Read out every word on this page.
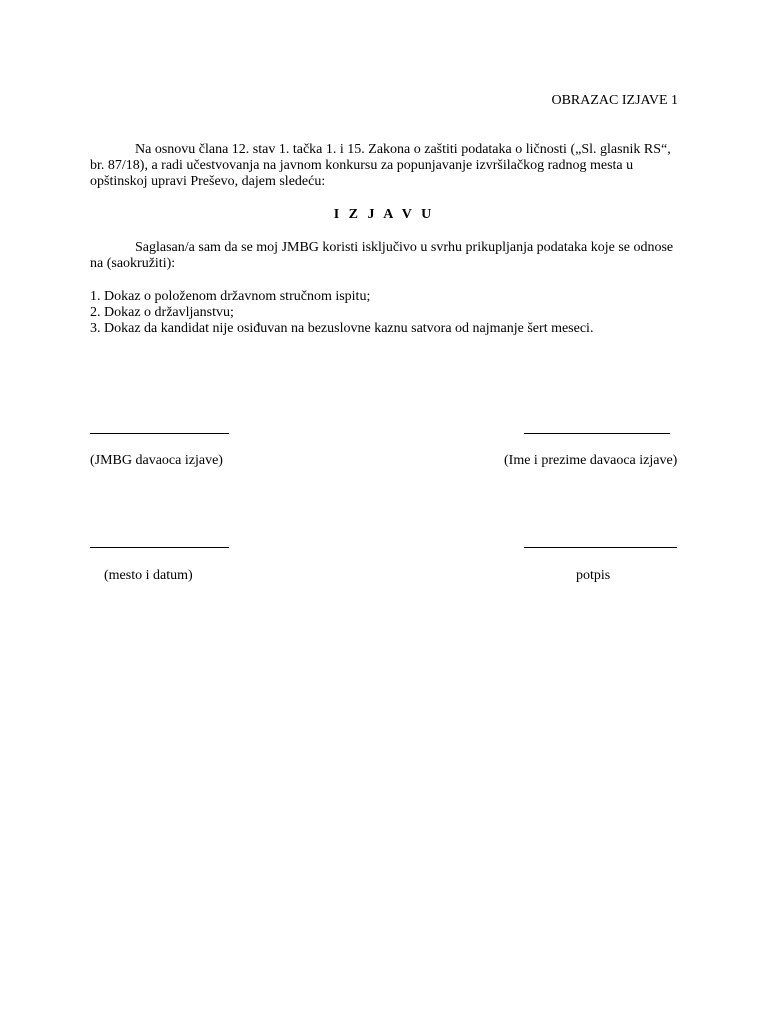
OBRAZAC IZJAVE 1
Na osnovu člana 12. stav 1. tačka 1. i 15. Zakona o zaštiti podataka o ličnosti („Sl. glasnik RS“, br. 87/18), a radi učestvovanja na javnom konkursu za popunjavanje izvršilačkog radnog mesta u opštinskoj upravi Preševo, dajem sledeću:
I Z J A V U
Saglasan/a sam da se moj JMBG koristi isključivo u svrhu prikupljanja podataka koje se odnose na (saokružiti):
1. Dokaz o položenom državnom stručnom ispitu;
2. Dokaz o državljanstvu;
3. Dokaz da kandidat nije osiđuvan na bezuslovne kaznu satvora od najmanje šert meseci.
(JMBG davaoca izjave)	(Ime i prezime davaoca izjave)
(mesto i datum)	potpis
